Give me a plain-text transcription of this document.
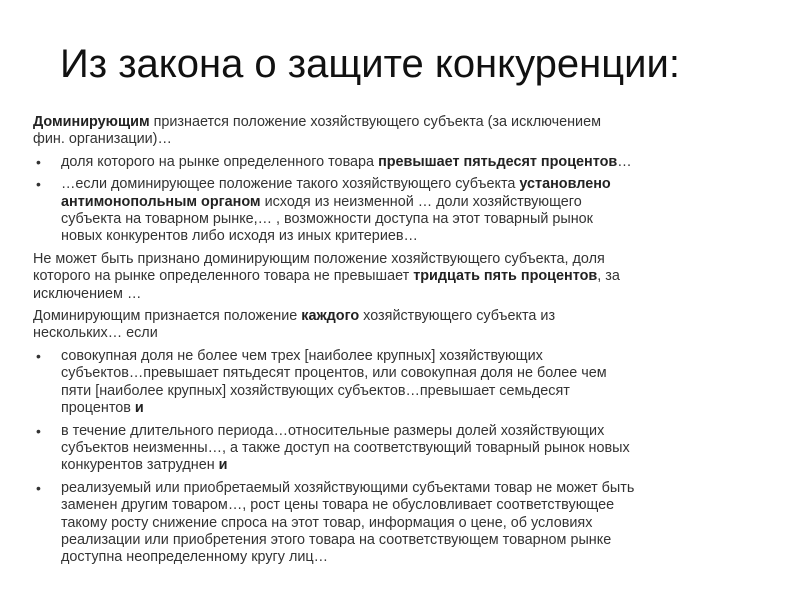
Из закона о защите конкуренции:
Доминирующим признается положение хозяйствующего субъекта (за исключением
фин. организации)…
• доля которого на рынке определенного товара превышает пятьдесят процентов…
• …если доминирующее положение такого хозяйствующего субъекта установлено
антимонопольным органом исходя из неизменной … доли хозяйствующего
субъекта на товарном рынке,… , возможности доступа на этот товарный рынок
новых конкурентов либо исходя из иных критериев…
Не может быть признано доминирующим положение хозяйствующего субъекта, доля
которого на рынке определенного товара не превышает тридцать пять процентов, за
исключением …
Доминирующим признается положение каждого хозяйствующего субъекта из
нескольких… если
• совокупная доля не более чем трех [наиболее крупных] хозяйствующих
субъектов…превышает пятьдесят процентов, или совокупная доля не более чем
пяти [наиболее крупных] хозяйствующих субъектов…превышает семьдесят
процентов и
• в течение длительного периода…относительные размеры долей хозяйствующих
субъектов неизменны…, а также доступ на соответствующий товарный рынок новых
конкурентов затруднен и
• реализуемый или приобретаемый хозяйствующими субъектами товар не может быть
заменен другим товаром…, рост цены товара не обусловливает соответствующее
такому росту снижение спроса на этот товар, информация о цене, об условиях
реализации или приобретения этого товара на соответствующем товарном рынке
доступна неопределенному кругу лиц…
